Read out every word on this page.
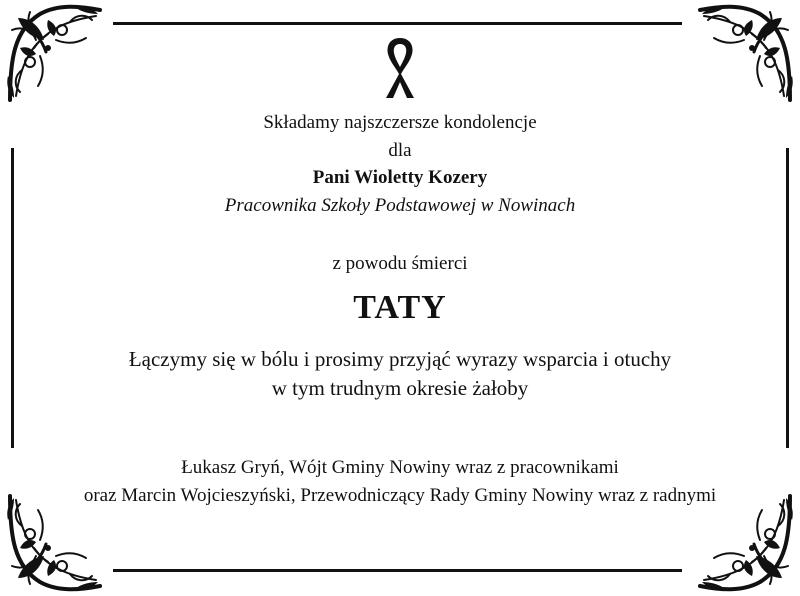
Składamy najszczersze kondolencje
dla
Pani Wioletty Kozery
Pracownika Szkoły Podstawowej w Nowinach
z powodu śmierci
TATY
Łączymy się w bólu i prosimy przyjąć wyrazy wsparcia i otuchy
w tym trudnym okresie żałoby
Łukasz Gryń, Wójt Gminy Nowiny wraz z pracownikami
oraz Marcin Wojcieszyński, Przewodniczący Rady Gminy Nowiny wraz z radnymi
